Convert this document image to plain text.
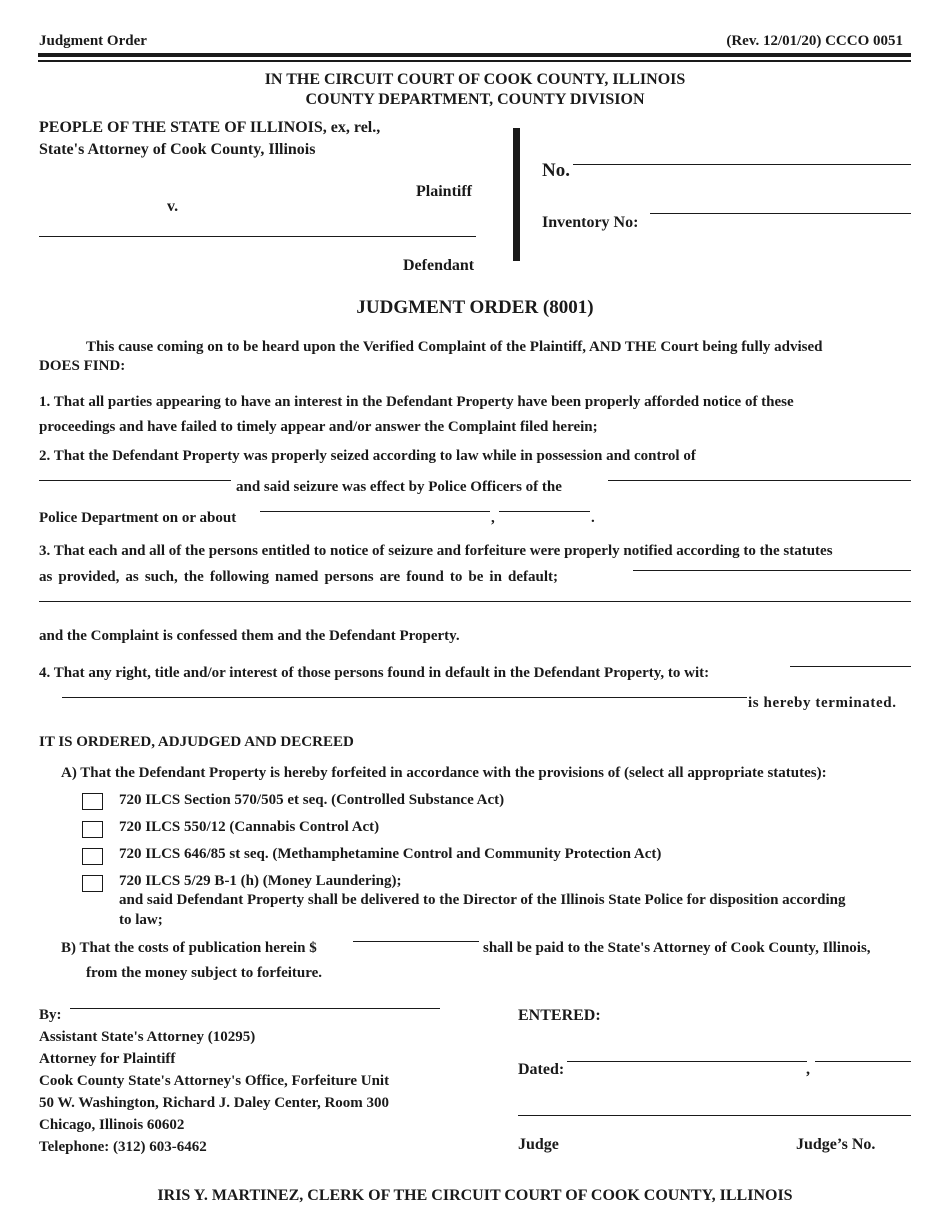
Judgment Order	(Rev. 12/01/20) CCCO 0051
IN THE CIRCUIT COURT OF COOK COUNTY, ILLINOIS
COUNTY DEPARTMENT, COUNTY DIVISION
PEOPLE OF THE STATE OF ILLINOIS, ex, rel.,
State's Attorney of Cook County, Illinois
Plaintiff
v.
Defendant
No.
Inventory No:
JUDGMENT ORDER (8001)
This cause coming on to be heard upon the Verified Complaint of the Plaintiff, AND THE Court being fully advised
DOES FIND:
1. That all parties appearing to have an interest in the Defendant Property have been properly afforded notice of these
proceedings and have failed to timely appear and/or answer the Complaint filed herein;
2. That the Defendant Property was properly seized according to law while in possession and control of
and said seizure was effect by Police Officers of the
Police Department on or about	,	.
3. That each and all of the persons entitled to notice of seizure and forfeiture were properly notified according to the statutes
as provided, as such, the following named persons are found to be in default;
and the Complaint is confessed them and the Defendant Property.
4. That any right, title and/or interest of those persons found in default in the Defendant Property, to wit:
is hereby terminated.
IT IS ORDERED, ADJUDGED AND DECREED
A) That the Defendant Property is hereby forfeited in accordance with the provisions of (select all appropriate statutes):
720 ILCS Section 570/505 et seq. (Controlled Substance Act)
720 ILCS 550/12 (Cannabis Control Act)
720 ILCS 646/85 st seq. (Methamphetamine Control and Community Protection Act)
720 ILCS 5/29 B-1 (h) (Money Laundering);
and said Defendant Property shall be delivered to the Director of the Illinois State Police for disposition according
to law;
B) That the costs of publication herein $	shall be paid to the State's Attorney of Cook County, Illinois,
from the money subject to forfeiture.
By:
Assistant State's Attorney (10295)
Attorney for Plaintiff
Cook County State's Attorney's Office, Forfeiture Unit
50 W. Washington, Richard J. Daley Center, Room 300
Chicago, Illinois 60602
Telephone: (312) 603-6462
ENTERED:
Dated:	,
Judge	Judge’s No.
IRIS Y. MARTINEZ, CLERK OF THE CIRCUIT COURT OF COOK COUNTY, ILLINOIS
